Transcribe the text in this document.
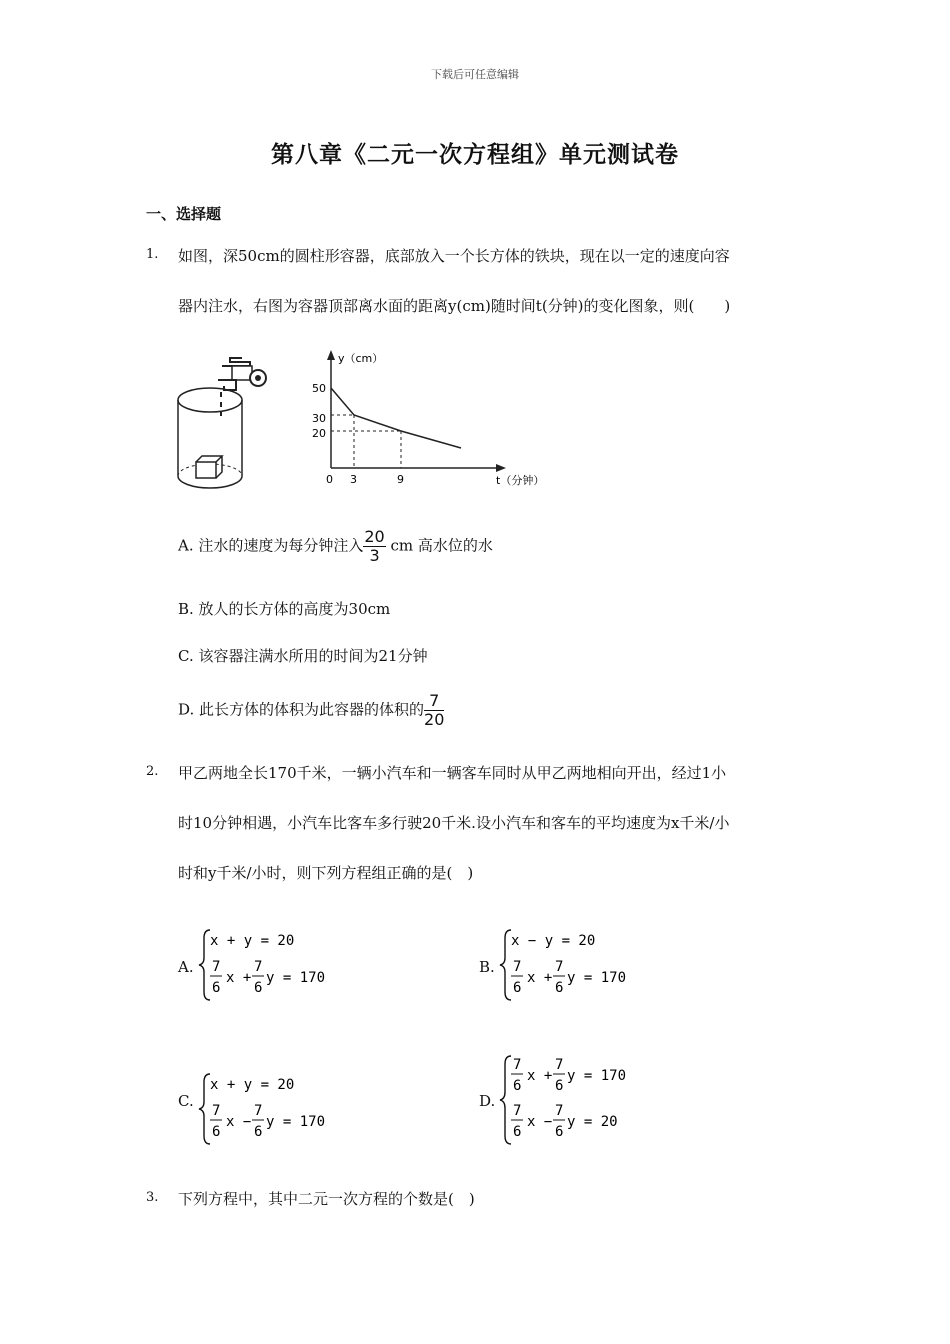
下载后可任意编辑
第八章《二元一次方程组》单元测试卷
一、选择题
1. 如图，深50cm的圆柱形容器，底部放入一个长方体的铁块，现在以一定的速度向容
器内注水，右图为容器顶部离水面的距离y(cm)随时间t(分钟)的变化图象，则(　　)
y（cm）
t（分钟）
50
30
20
0 3	9
A. 注水的速度为每分钟注入 $\frac{20}{3}$ cm 高水位的水
B. 放人的长方体的高度为30cm
C. 该容器注满水所用的时间为21分钟
D. 此长方体的体积为此容器的体积的 $\frac{7}{20}$
2. 甲乙两地全长170千米，一辆小汽车和一辆客车同时从甲乙两地相向开出，经过1小
时10分钟相遇，小汽车比客车多行驶20千米.设小汽车和客车的平均速度为x千米/小
时和y千米/小时，则下列方程组正确的是(　)
A.
x + y = 20
7
6
x +
7
6
y = 170
B.
x − y = 20
7
6
x +
7
6
y = 170
C.
x + y = 20
7
6
x −
7
6
y = 170
D.
7
6
x +
7
6
y = 170
7
6
x −
7
6
y = 20
3. 下列方程中，其中二元一次方程的个数是(　)
